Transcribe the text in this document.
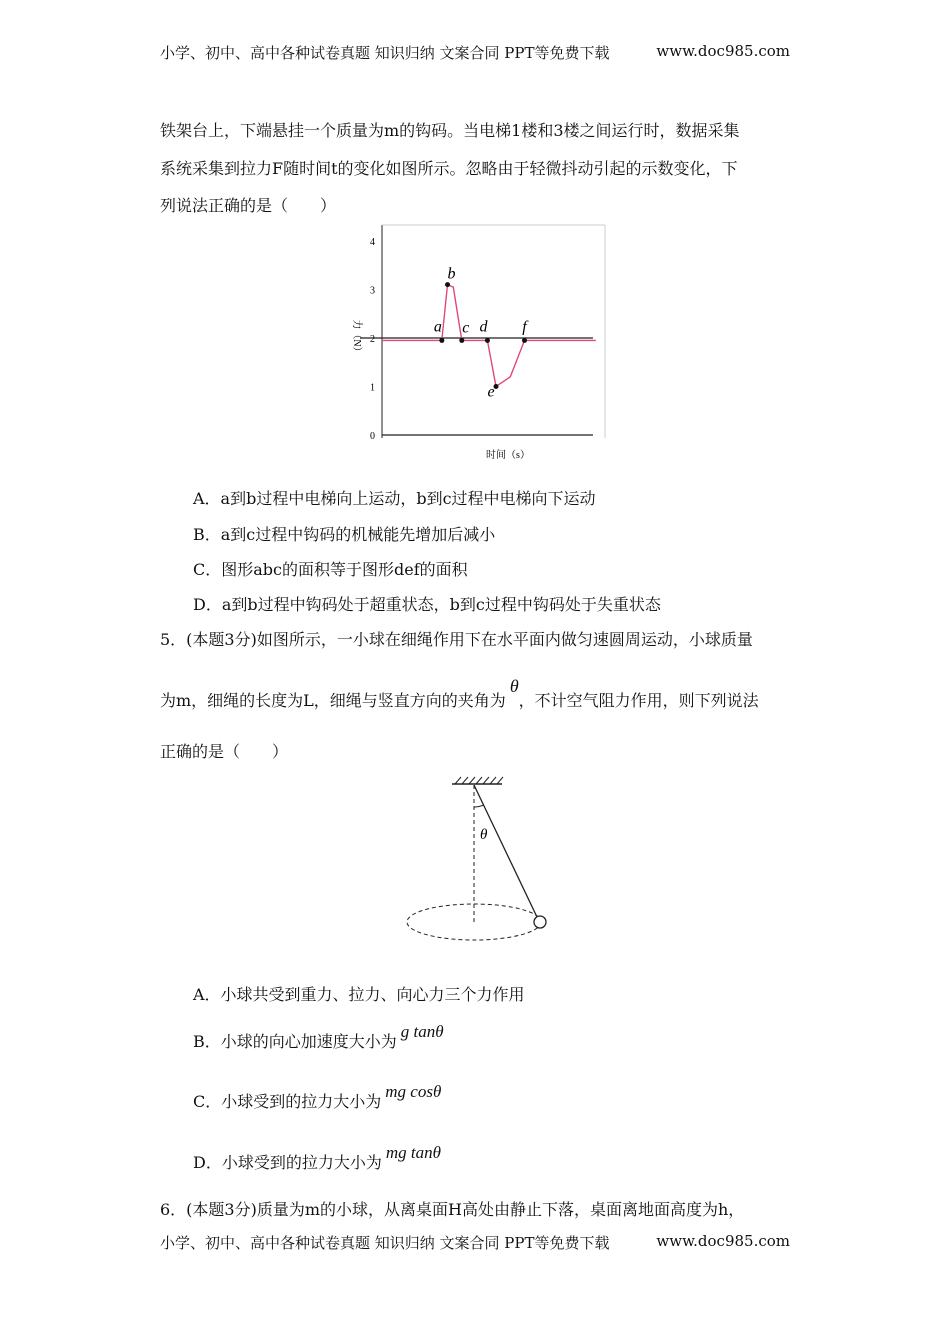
小学、初中、高中各种试卷真题 知识归纳 文案合同 PPT等免费下载	www.doc985.com
铁架台上，下端悬挂一个质量为m的钩码。当电梯1楼和3楼之间运行时，数据采集
系统采集到拉力F随时间t的变化如图所示。忽略由于轻微抖动引起的示数变化，下
列说法正确的是（　　）
0
1
2
3
4
力（N）
时间（s）
a
b
c d
e
f
A．a到b过程中电梯向上运动，b到c过程中电梯向下运动
B．a到c过程中钩码的机械能先增加后减小
C．图形abc的面积等于图形def的面积
D．a到b过程中钩码处于超重状态，b到c过程中钩码处于失重状态
5．(本题3分)如图所示，一小球在细绳作用下在水平面内做匀速圆周运动，小球质量
为m，细绳的长度为L，细绳与竖直方向的夹角为θ，不计空气阻力作用，则下列说法
正确的是（　　）
θ
A．小球共受到重力、拉力、向心力三个力作用
B．小球的向心加速度大小为g tanθ
C．小球受到的拉力大小为mg cosθ
D．小球受到的拉力大小为mg tanθ
6．(本题3分)质量为m的小球，从离桌面H高处由静止下落，桌面离地面高度为h，
小学、初中、高中各种试卷真题 知识归纳 文案合同 PPT等免费下载	www.doc985.com
